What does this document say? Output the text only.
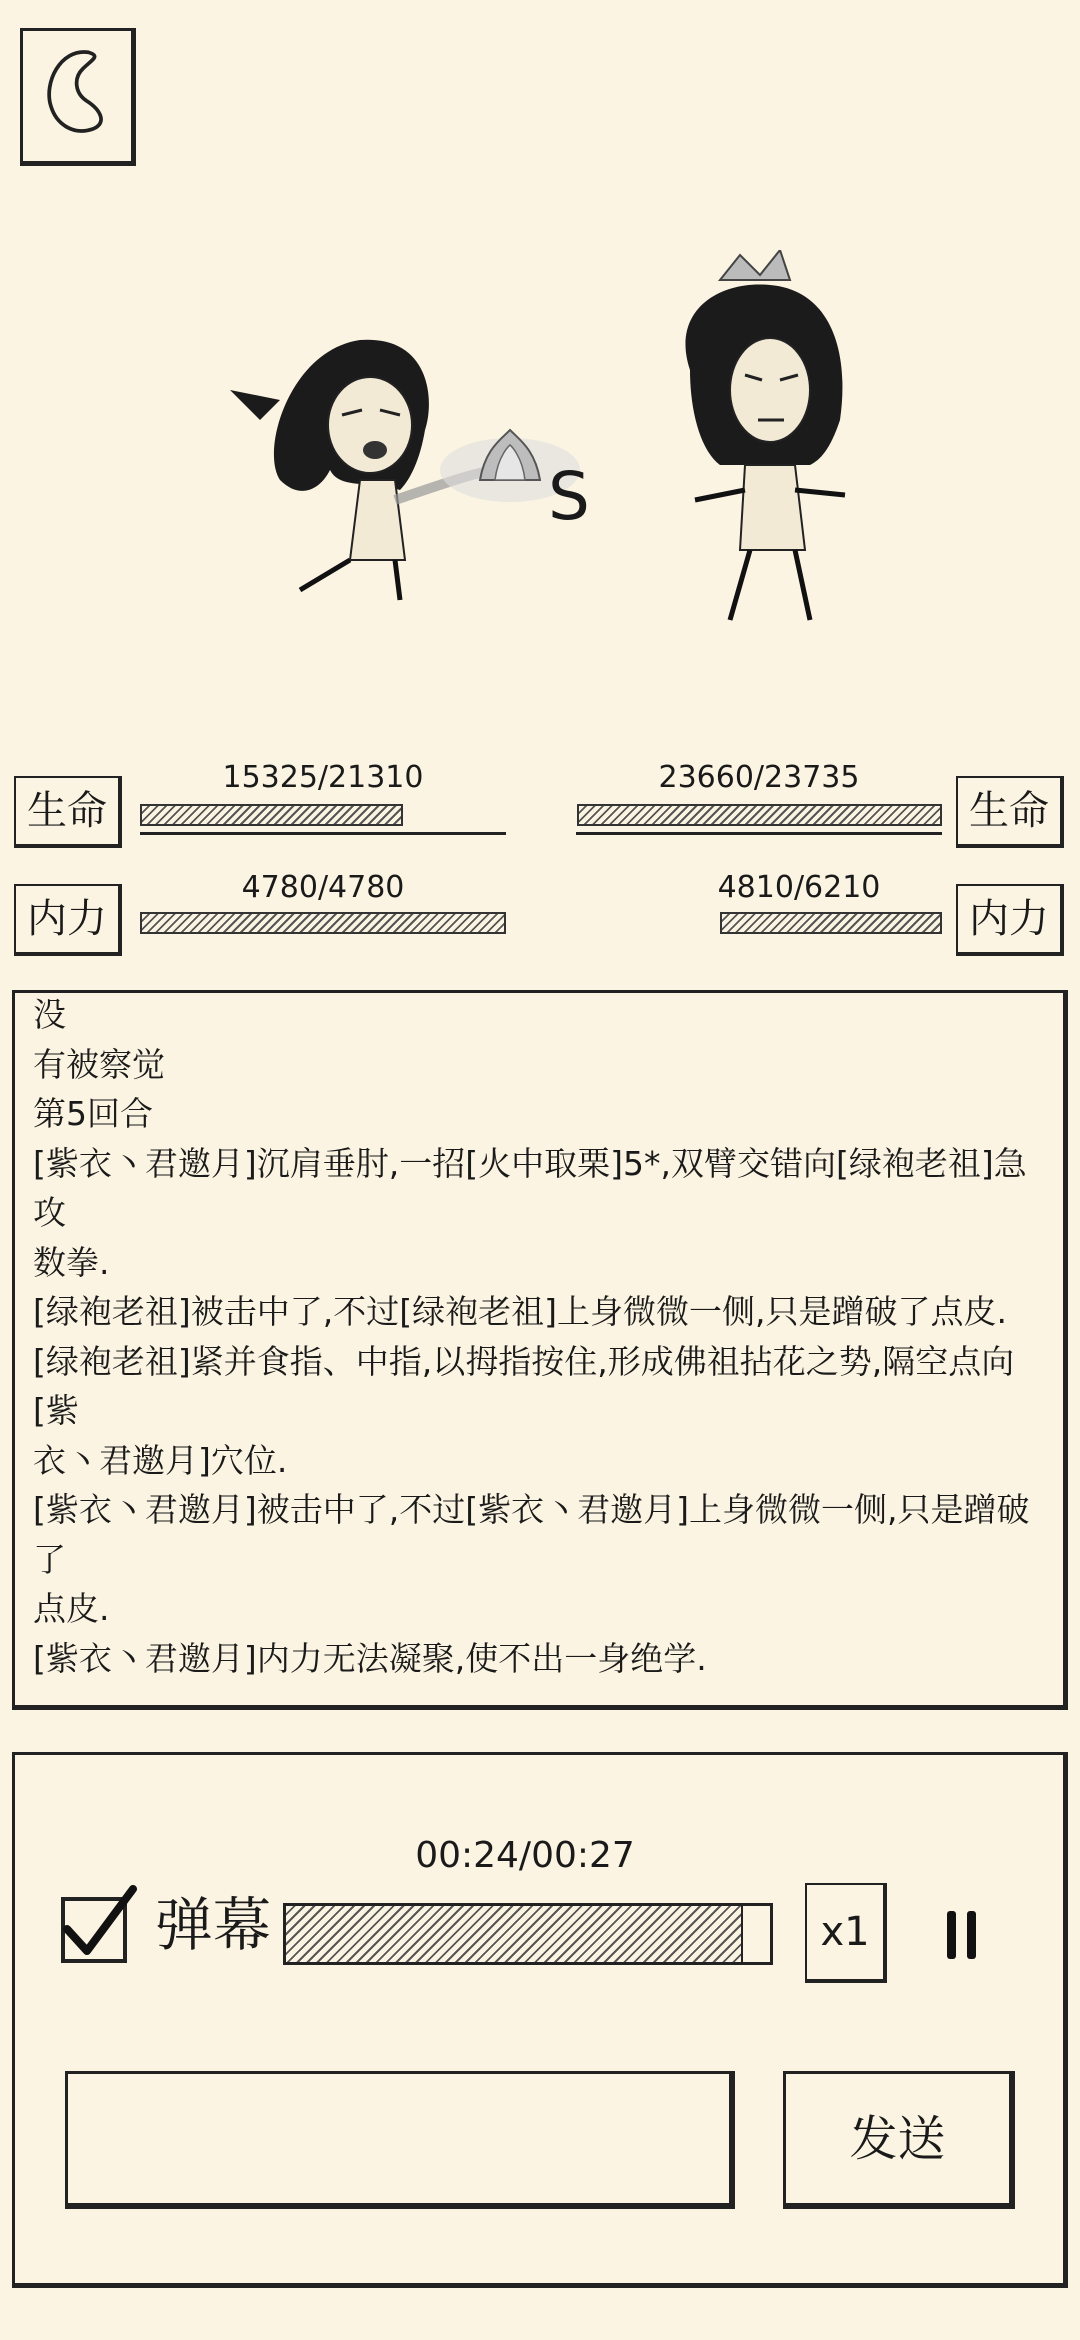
S
生命
15325/21310
内力
4780/4780
生命
23660/23735
内力
4810/6210
没
有被察觉
第5回合
[紫衣丶君邀月]沉肩垂肘,一招[火中取栗]5*,双臂交错向[绿袍老祖]急攻
数拳.
[绿袍老祖]被击中了,不过[绿袍老祖]上身微微一侧,只是蹭破了点皮.
[绿袍老祖]紧并食指、中指,以拇指按住,形成佛祖拈花之势,隔空点向[紫
衣丶君邀月]穴位.
[紫衣丶君邀月]被击中了,不过[紫衣丶君邀月]上身微微一侧,只是蹭破了
点皮.
[紫衣丶君邀月]内力无法凝聚,使不出一身绝学.
00:24/00:27
弹幕	x1
发送
